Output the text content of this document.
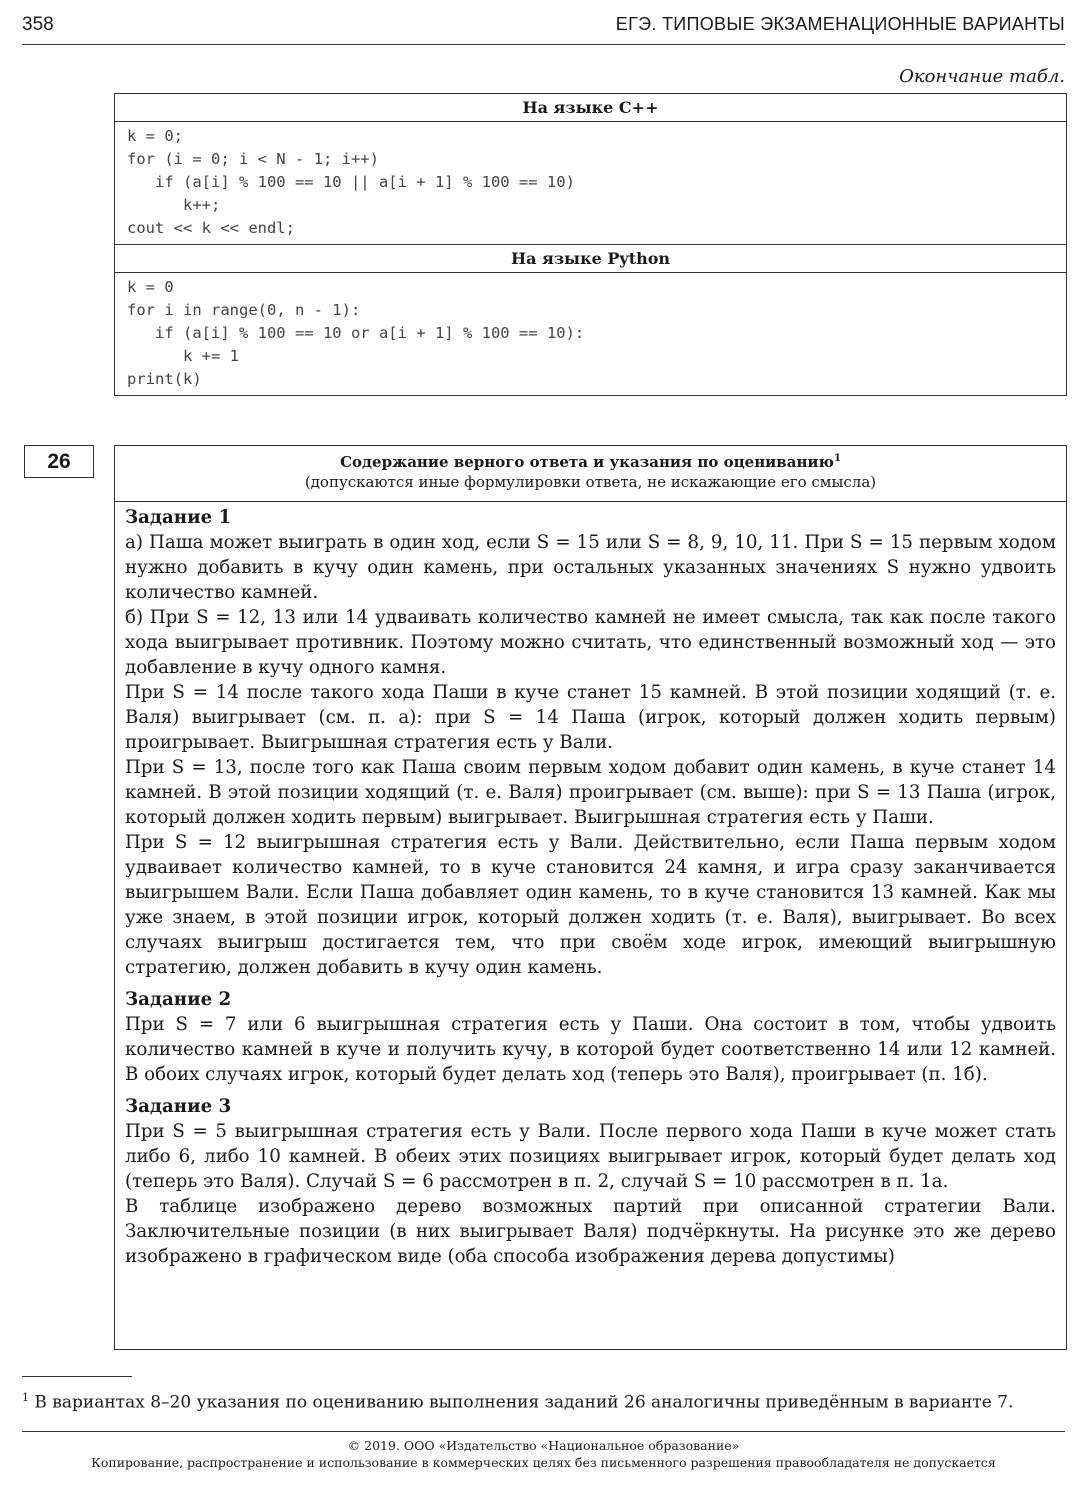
358	ЕГЭ. ТИПОВЫЕ ЭКЗАМЕНАЦИОННЫЕ ВАРИАНТЫ
Окончание табл.
На языке С++
k = 0;
for (i = 0; i < N - 1; i++)
if (a[i] % 100 == 10 || a[i + 1] % 100 == 10)
k++;
cout << k << endl;
На языке Python
k = 0
for i in range(0, n - 1):
if (a[i] % 100 == 10 or a[i + 1] % 100 == 10):
k += 1
print(k)
26	Содержание верного ответа и указания по оцениванию$^1$
(допускаются иные формулировки ответа, не искажающие его смысла)

Задание 1

а) Паша может выиграть в один ход, если S = 15 или S = 8, 9, 10, 11. При S = 15 первым ходом нужно добавить в кучу один камень, при остальных указанных значениях S нужно удвоить количество камней.

б) При S = 12, 13 или 14 удваивать количество камней не имеет смысла, так как после такого хода выигрывает противник. Поэтому можно считать, что единственный возможный ход — это добавление в кучу одного камня.

При S = 14 после такого хода Паши в куче станет 15 камней. В этой позиции ходящий (т. е. Валя) выигрывает (см. п. а): при S = 14 Паша (игрок, который должен ходить первым) проигрывает. Выигрышная стратегия есть у Вали.

При S = 13, после того как Паша своим первым ходом добавит один камень, в куче станет 14 камней. В этой позиции ходящий (т. е. Валя) проигрывает (см. выше): при S = 13 Паша (игрок, который должен ходить первым) выигрывает. Выигрышная стратегия есть у Паши.

При S = 12 выигрышная стратегия есть у Вали. Действительно, если Паша первым ходом удваивает количество камней, то в куче становится 24 камня, и игра сразу заканчивается выигрышем Вали. Если Паша добавляет один камень, то в куче становится 13 камней. Как мы уже знаем, в этой позиции игрок, который должен ходить (т. е. Валя), выигрывает. Во всех случаях выигрыш достигается тем, что при своём ходе игрок, имеющий выигрышную стратегию, должен добавить в кучу один камень.

Задание 2

При S = 7 или 6 выигрышная стратегия есть у Паши. Она состоит в том, чтобы удвоить количество камней в куче и получить кучу, в которой будет соответственно 14 или 12 камней. В обоих случаях игрок, который будет делать ход (теперь это Валя), проигрывает (п. 1б).

Задание 3

При S = 5 выигрышная стратегия есть у Вали. После первого хода Паши в куче может стать либо 6, либо 10 камней. В обеих этих позициях выигрывает игрок, который будет делать ход (теперь это Валя). Случай S = 6 рассмотрен в п. 2, случай S = 10 рассмотрен в п. 1а.

В таблице изображено дерево возможных партий при описанной стратегии Вали. Заключительные позиции (в них выигрывает Валя) подчёркнуты. На рисунке это же дерево изображено в графическом виде (оба способа изображения дерева допустимы)

$^1$ В вариантах 8–20 указания по оцениванию выполнения заданий 26 аналогичны приведённым в варианте 7.
© 2019. ООО «Издательство «Национальное образование»
Копирование, распространение и использование в коммерческих целях без письменного разрешения правообладателя не допускается
